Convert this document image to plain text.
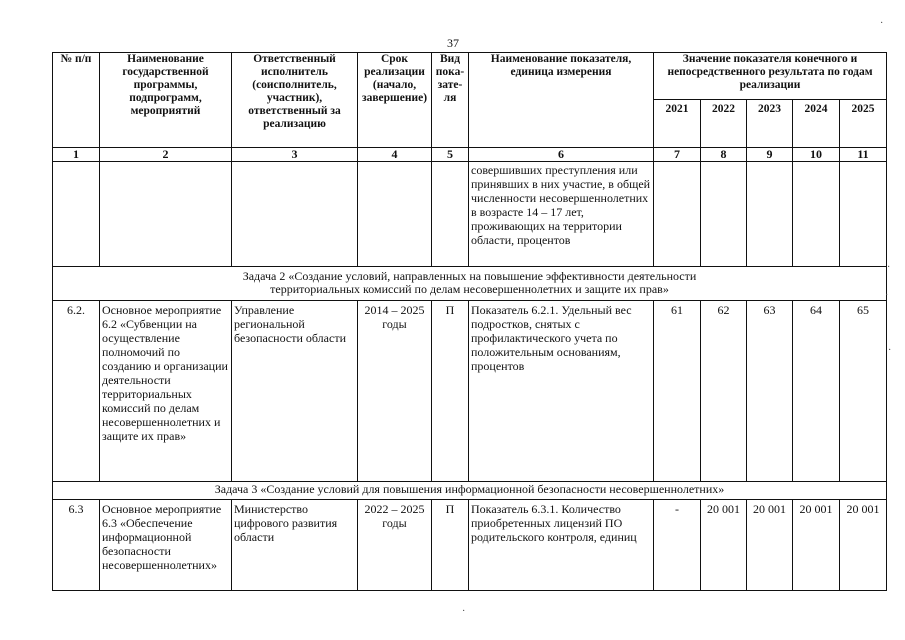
37
№ п/п	Наименование государственной программы, подпрограмм, мероприятий	Ответственный исполнитель (соисполнитель, участник), ответственный за реализацию	Срок реализации (начало, завершение)	Вид пока-зате-ля	Наименование показателя, единица измерения	Значение показателя конечного и непосредственного результата по годам реализации				
						2021	2022	2023	2024	2025
1	2	3	4	5	6	7	8	9	10	11
					совершивших преступления или принявших в них участие, в общей численности несовершеннолетних в возрасте 14 – 17 лет, проживающих на территории области, процентов					
Задача 2 «Создание условий, направленных на повышение эффективности деятельности территориальных комиссий по делам несовершеннолетних и защите их прав»										
6.2.	Основное мероприятие 6.2 «Субвенции на осуществление полномочий по созданию и организации деятельности территориальных комиссий по делам несовершеннолетних и защите их прав»	Управление региональной безопасности области	2014 – 2025 годы	П	Показатель 6.2.1. Удельный вес подростков, снятых с профилактического учета по положительным основаниям, процентов	61	62	63	64	65
Задача 3 «Создание условий для повышения информационной безопасности несовершеннолетних»										
6.3	Основное мероприятие 6.3 «Обеспечение информационной безопасности несовершеннолетних»	Министерство цифрового развития области	2022 – 2025 годы	П	Показатель 6.3.1. Количество приобретенных лицензий ПО родительского контроля, единиц	-	20 001	20 001	20 001	20 001
·
·
·
·
·
